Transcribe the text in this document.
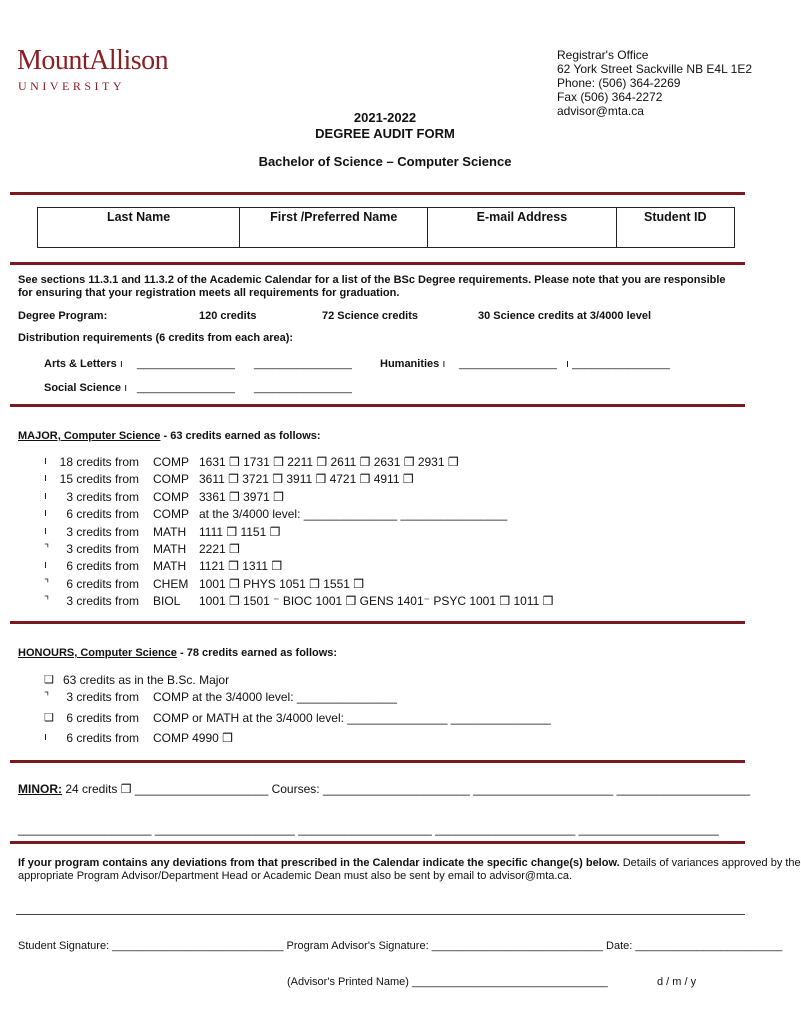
MountAllison
UNIVERSITY
Registrar's Office
62 York Street Sackville NB E4L 1E2
Phone: (506) 364-2269
Fax (506) 364-2272
advisor@mta.ca
2021-2022
DEGREE AUDIT FORM
Bachelor of Science – Computer Science
Last Name	First /Preferred Name	E-mail Address	Student ID
See sections 11.3.1 and 11.3.2 of the Academic Calendar for a list of the BSc Degree requirements. Please note that you are responsible
for ensuring that your registration meets all requirements for graduation.
Degree Program:	120 credits	72 Science credits	30 Science credits at 3/4000 level
Distribution requirements (6 credits from each area):
Arts & Letters ı ________________ ________________	Humanities ı ________________ ı ________________
Social Science ı ________________ ________________
MAJOR, Computer Science - 63 credits earned as follows:
ı 18 credits from COMP 1631 ❒ 1731 ❒ 2211 ❒ 2611 ❒ 2631 ❒ 2931 ❒
ı 15 credits from COMP 3611 ❒ 3721 ❒ 3911 ❒ 4721 ❒ 4911 ❒
ı 3 credits from COMP 3361 ❒ 3971 ❒
ı 6 credits from COMP at the 3/4000 level: ______________ ________________
ı 3 credits from MATH 1111 ❒ 1151 ❒
⌝ 3 credits from MATH 2221 ❒
ı 6 credits from MATH 1121 ❒ 1311 ❒
⌝ 6 credits from CHEM 1001 ❒ PHYS 1051 ❒ 1551 ❒
⌝ 3 credits from BIOL 1001 ❒ 1501 ⁻ BIOC 1001 ❒ GENS 1401⁻ PSYC 1001 ❒ 1011 ❒
HONOURS, Computer Science - 78 credits earned as follows:
❑ 63 credits as in the B.Sc. Major
⌝ 3 credits from COMP at the 3/4000 level: _______________
❑ 6 credits from COMP or MATH at the 3/4000 level: _______________ _______________
ı 6 credits from COMP 4990 ❒
MINOR: 24 credits ❒ ____________________ Courses: ______________________ _____________________ ____________________
____________________ _____________________ ____________________ _____________________ _____________________
If your program contains any deviations from that prescribed in the Calendar indicate the specific change(s) below. Details of variances approved by the
appropriate Program Advisor/Department Head or Academic Dean must also be sent by email to advisor@mta.ca.
Student Signature: ____________________________ Program Advisor's Signature: ____________________________ Date: ________________________
(Advisor's Printed Name) ________________________________	d / m / y
